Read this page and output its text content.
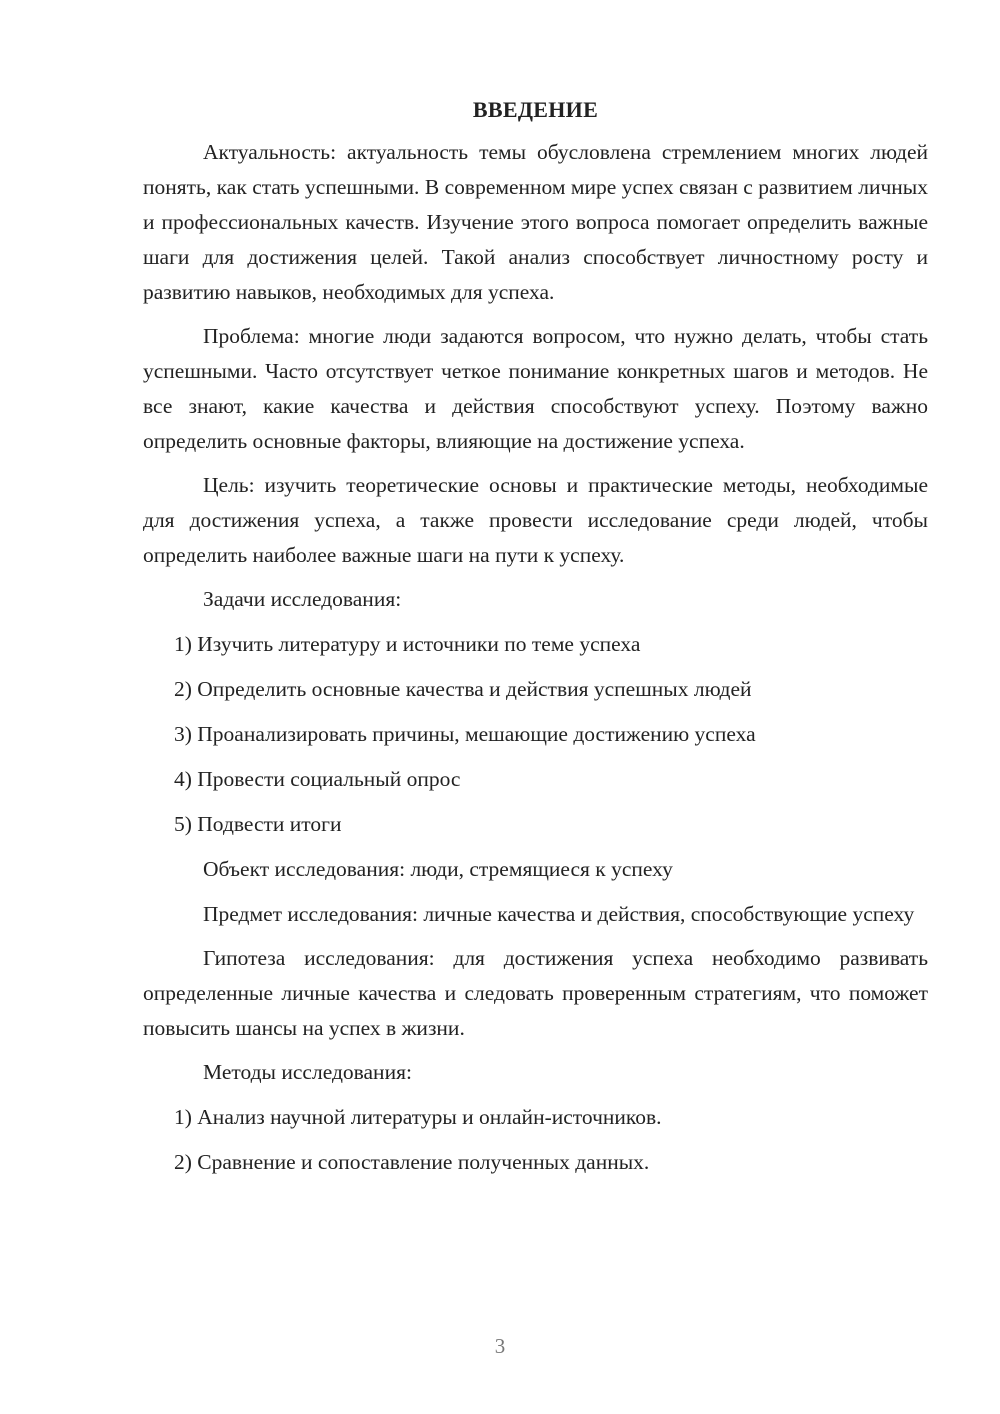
ВВЕДЕНИЕ

Актуальность: актуальность темы обусловлена стремлением многих людей понять, как стать успешными. В современном мире успех связан с развитием личных и профессиональных качеств. Изучение этого вопроса помогает определить важные шаги для достижения целей. Такой анализ способствует личностному росту и развитию навыков, необходимых для успеха.

Проблема: многие люди задаются вопросом, что нужно делать, чтобы стать успешными. Часто отсутствует четкое понимание конкретных шагов и методов. Не все знают, какие качества и действия способствуют успеху. Поэтому важно определить основные факторы, влияющие на достижение успеха.

Цель: изучить теоретические основы и практические методы, необходимые для достижения успеха, а также провести исследование среди людей, чтобы определить наиболее важные шаги на пути к успеху.

Задачи исследования:
1) Изучить литературу и источники по теме успеха
2) Определить основные качества и действия успешных людей
3) Проанализировать причины, мешающие достижению успеха
4) Провести социальный опрос
5) Подвести итоги
Объект исследования: люди, стремящиеся к успеху

Предмет исследования: личные качества и действия, способствующие успеху

Гипотеза исследования: для достижения успеха необходимо развивать определенные личные качества и следовать проверенным стратегиям, что поможет повысить шансы на успех в жизни.

Методы исследования:
1) Анализ научной литературы и онлайн-источников.
2) Сравнение и сопоставление полученных данных.
3
